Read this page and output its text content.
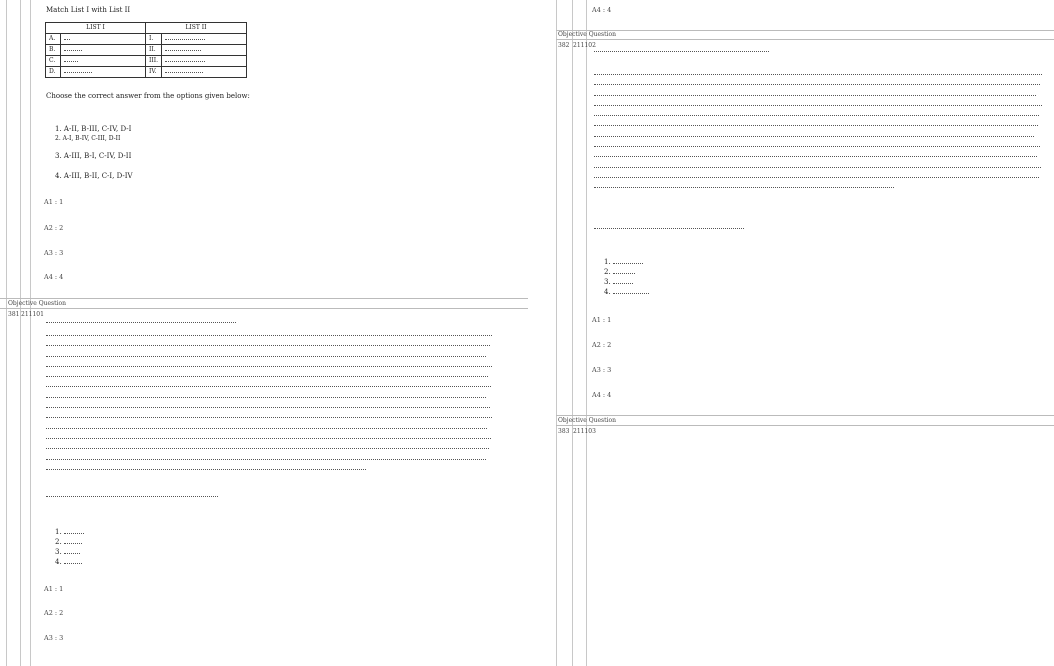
Match List I with List II
LIST I		LIST II	
A.		I.	
B.		II.	
C.		III.	
D.		IV.	
Choose the correct answer from the options given below:
1. A-II, B-III, C-IV, D-I
2. A-I, B-IV, C-III, D-II
3. A-III, B-I, C-IV, D-II
4. A-III, B-II, C-I, D-IV
A1 : 1
A2 : 2
A3 : 3
A4 : 4
Objective Question
381 211101
1.
2.
3.
4.
A1 : 1
A2 : 2
A3 : 3
A4 : 4
Objective Question
382 211102
1.
2.
3.
4.
A1 : 1
A2 : 2
A3 : 3
A4 : 4
Objective Question
383 211103
